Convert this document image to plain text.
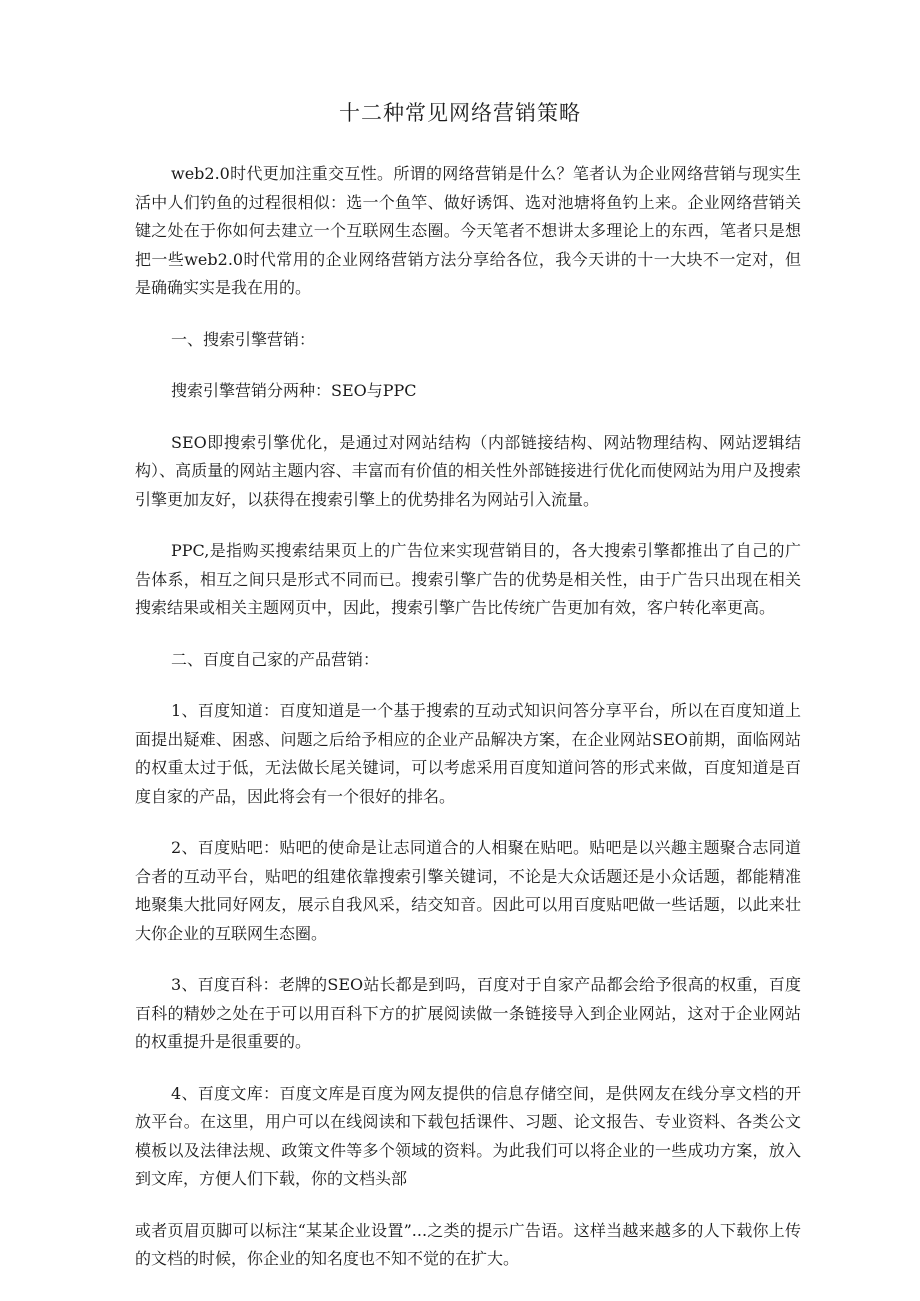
十二种常见网络营销策略

web2.0时代更加注重交互性。所谓的网络营销是什么？笔者认为企业网络营销与现实生活中人们钓鱼的过程很相似：选一个鱼竿、做好诱饵、选对池塘将鱼钓上来。企业网络营销关键之处在于你如何去建立一个互联网生态圈。今天笔者不想讲太多理论上的东西，笔者只是想把一些web2.0时代常用的企业网络营销方法分享给各位，我今天讲的十一大块不一定对，但是确确实实是我在用的。

一、搜索引擎营销：

搜索引擎营销分两种：SEO与PPC

SEO即搜索引擎优化，是通过对网站结构（内部链接结构、网站物理结构、网站逻辑结构）、高质量的网站主题内容、丰富而有价值的相关性外部链接进行优化而使网站为用户及搜索引擎更加友好，以获得在搜索引擎上的优势排名为网站引入流量。

PPC,是指购买搜索结果页上的广告位来实现营销目的，各大搜索引擎都推出了自己的广告体系，相互之间只是形式不同而已。搜索引擎广告的优势是相关性，由于广告只出现在相关搜索结果或相关主题网页中，因此，搜索引擎广告比传统广告更加有效，客户转化率更高。

二、百度自己家的产品营销：

1、百度知道：百度知道是一个基于搜索的互动式知识问答分享平台，所以在百度知道上面提出疑难、困惑、问题之后给予相应的企业产品解决方案，在企业网站SEO前期，面临网站的权重太过于低，无法做长尾关键词，可以考虑采用百度知道问答的形式来做，百度知道是百度自家的产品，因此将会有一个很好的排名。

2、百度贴吧：贴吧的使命是让志同道合的人相聚在贴吧。贴吧是以兴趣主题聚合志同道合者的互动平台，贴吧的组建依靠搜索引擎关键词，不论是大众话题还是小众话题，都能精准地聚集大批同好网友，展示自我风采，结交知音。因此可以用百度贴吧做一些话题，以此来壮大你企业的互联网生态圈。

3、百度百科：老牌的SEO站长都是到吗，百度对于自家产品都会给予很高的权重，百度百科的精妙之处在于可以用百科下方的扩展阅读做一条链接导入到企业网站，这对于企业网站的权重提升是很重要的。

4、百度文库：百度文库是百度为网友提供的信息存储空间，是供网友在线分享文档的开放平台。在这里，用户可以在线阅读和下载包括课件、习题、论文报告、专业资料、各类公文模板以及法律法规、政策文件等多个领域的资料。为此我们可以将企业的一些成功方案，放入到文库，方便人们下载，你的文档头部

或者页眉页脚可以标注“某某企业设置”...之类的提示广告语。这样当越来越多的人下载你上传的文档的时候，你企业的知名度也不知不觉的在扩大。
